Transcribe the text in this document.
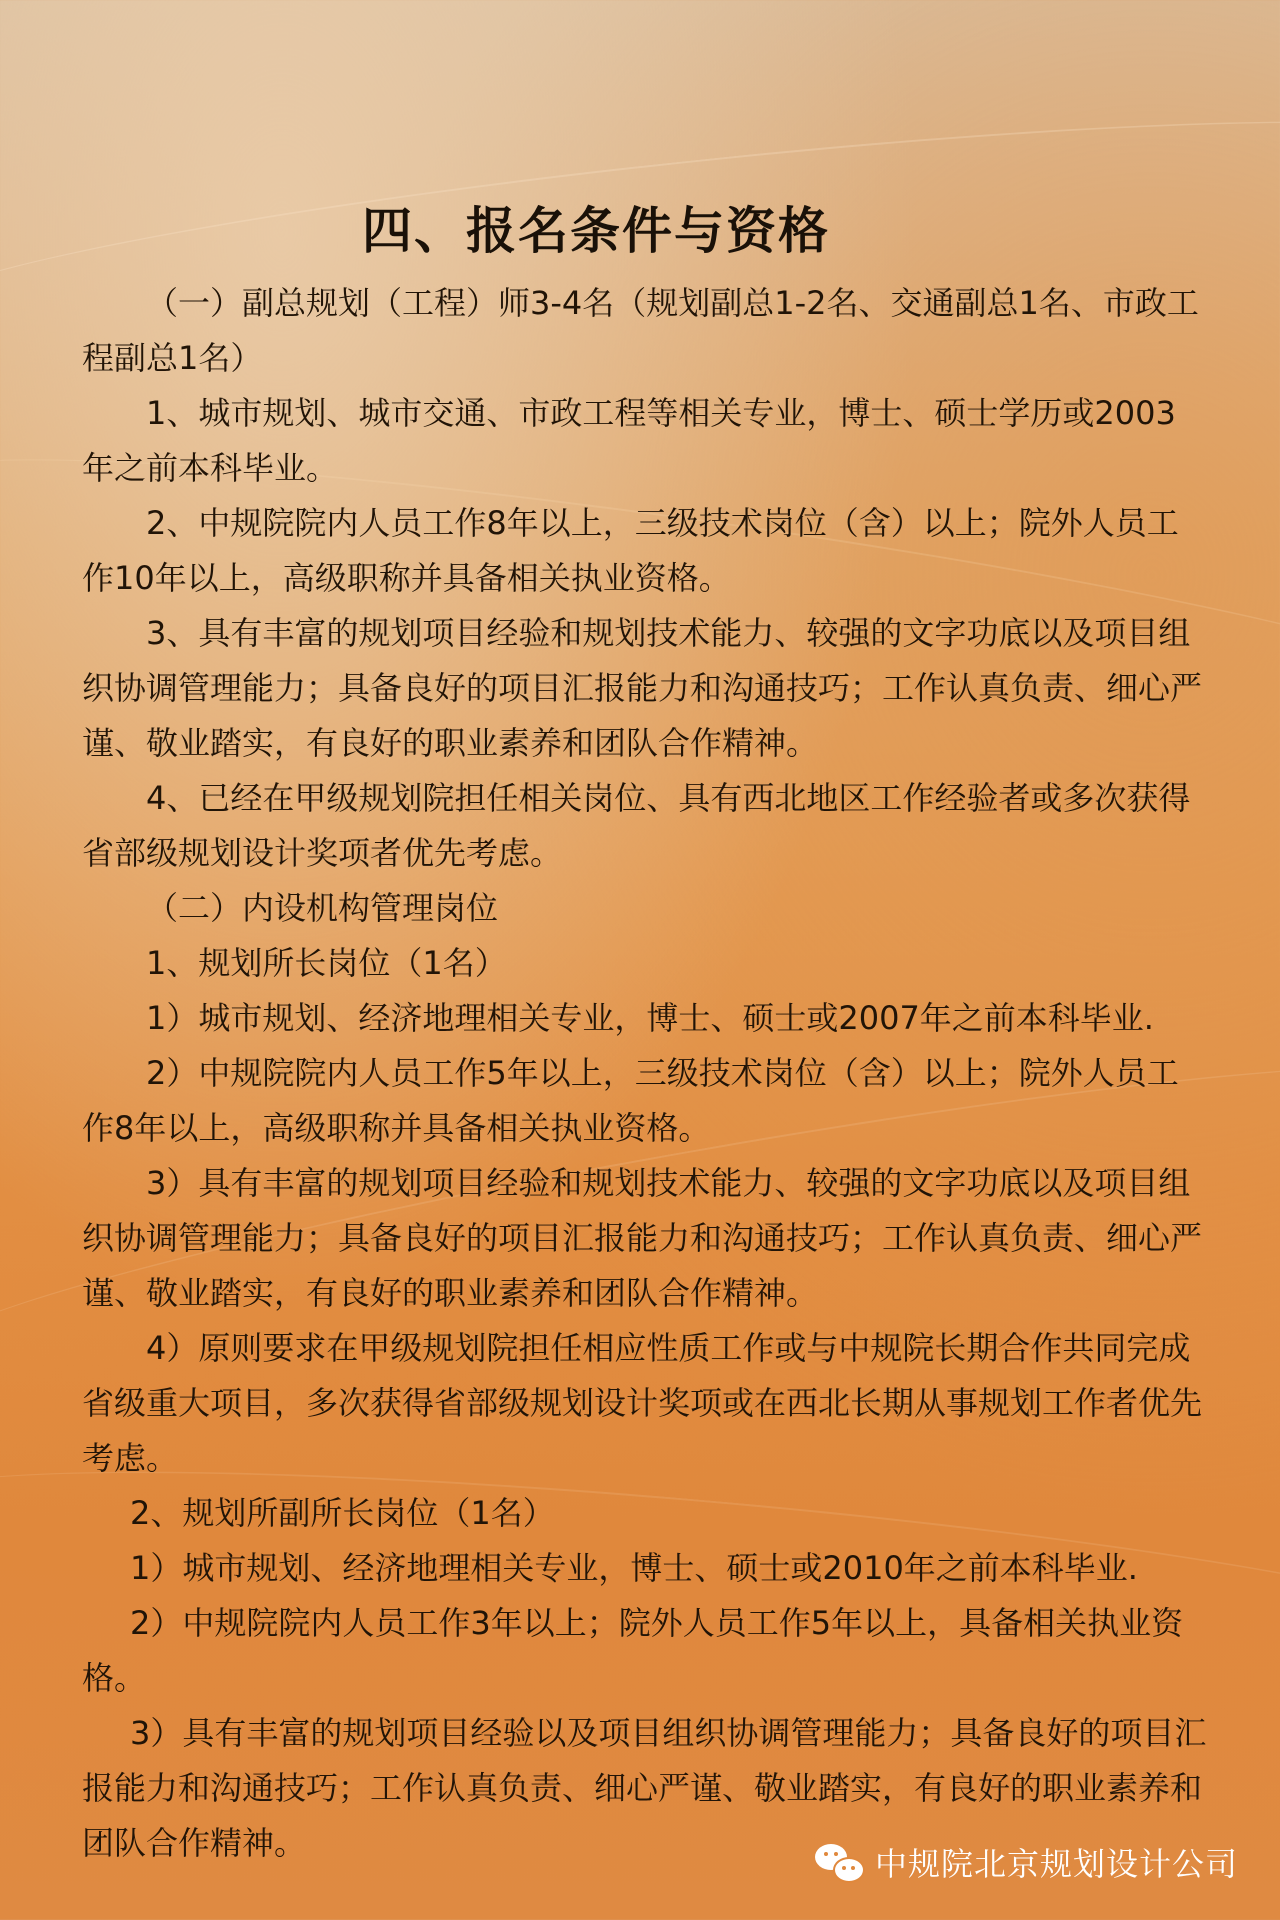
四、报名条件与资格

（一）副总规划（工程）师3-4名（规划副总1-2名、交通副总1名、市政工程副总1名）

1、城市规划、城市交通、市政工程等相关专业，博士、硕士学历或2003年之前本科毕业。

2、中规院院内人员工作8年以上，三级技术岗位（含）以上；院外人员工作10年以上，高级职称并具备相关执业资格。

3、具有丰富的规划项目经验和规划技术能力、较强的文字功底以及项目组织协调管理能力；具备良好的项目汇报能力和沟通技巧；工作认真负责、细心严谨、敬业踏实，有良好的职业素养和团队合作精神。

4、已经在甲级规划院担任相关岗位、具有西北地区工作经验者或多次获得省部级规划设计奖项者优先考虑。

（二）内设机构管理岗位

1、规划所长岗位（1名）

1）城市规划、经济地理相关专业，博士、硕士或2007年之前本科毕业.

2）中规院院内人员工作5年以上，三级技术岗位（含）以上；院外人员工作8年以上，高级职称并具备相关执业资格。

3）具有丰富的规划项目经验和规划技术能力、较强的文字功底以及项目组织协调管理能力；具备良好的项目汇报能力和沟通技巧；工作认真负责、细心严谨、敬业踏实，有良好的职业素养和团队合作精神。

4）原则要求在甲级规划院担任相应性质工作或与中规院长期合作共同完成省级重大项目，多次获得省部级规划设计奖项或在西北长期从事规划工作者优先考虑。

2、规划所副所长岗位（1名）

1）城市规划、经济地理相关专业，博士、硕士或2010年之前本科毕业.

2）中规院院内人员工作3年以上；院外人员工作5年以上，具备相关执业资格。

3）具有丰富的规划项目经验以及项目组织协调管理能力；具备良好的项目汇报能力和沟通技巧；工作认真负责、细心严谨、敬业踏实，有良好的职业素养和团队合作精神。

中规院北京规划设计公司
